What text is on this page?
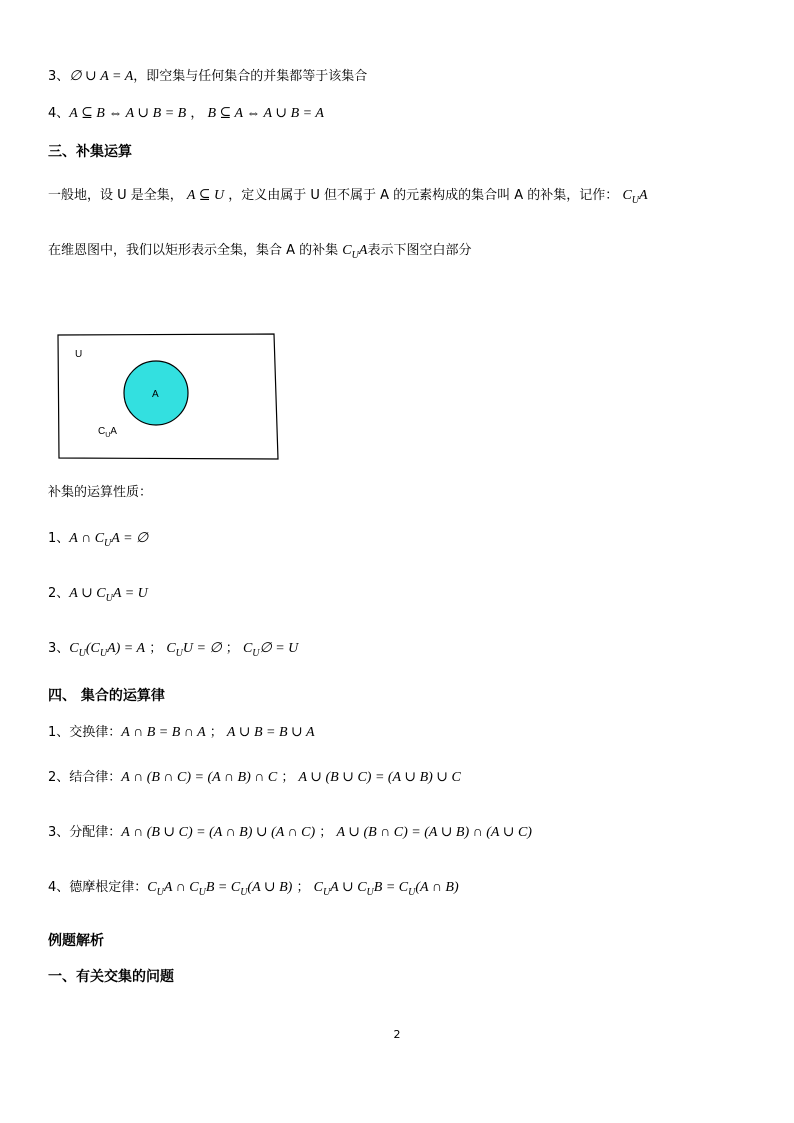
3、∅ ∪ A = A，即空集与任何集合的并集都等于该集合
4、A ⊆ B ⇔ A ∪ B = B ， B ⊆ A ⇔ A ∪ B = A
三、补集运算
一般地，设 U 是全集， A ⊆ U ，定义由属于 U 但不属于 A 的元素构成的集合叫 A 的补集，记作： $C_UA$
在维恩图中，我们以矩形表示全集，集合 A 的补集 $C_UA$表示下图空白部分
U
A
$C_UA$
补集的运算性质：
1、A ∩ $C_UA$ = ∅
2、A ∪ $C_UA = U$
3、$C_U(C_UA) = A$ ； $C_UU$ = ∅ ； $C_U\emptyset = U$
四、 集合的运算律
1、交换律：A ∩ B = B ∩ A ； A ∪ B = B ∪ A
2、结合律：A ∩ (B ∩ C) = (A ∩ B) ∩ C ； A ∪ (B ∪ C) = (A ∪ B) ∪ C
3、分配律：A ∩ (B ∪ C) = (A ∩ B) ∪ (A ∩ C) ； A ∪ (B ∩ C) = (A ∪ B) ∩ (A ∪ C)
4、德摩根定律：$C_UA$ ∩ $C_UB = C_U(A$ ∪ B) ； $C_UA$ ∪ $C_UB = C_U(A$ ∩ B)
例题解析
一、有关交集的问题
2
